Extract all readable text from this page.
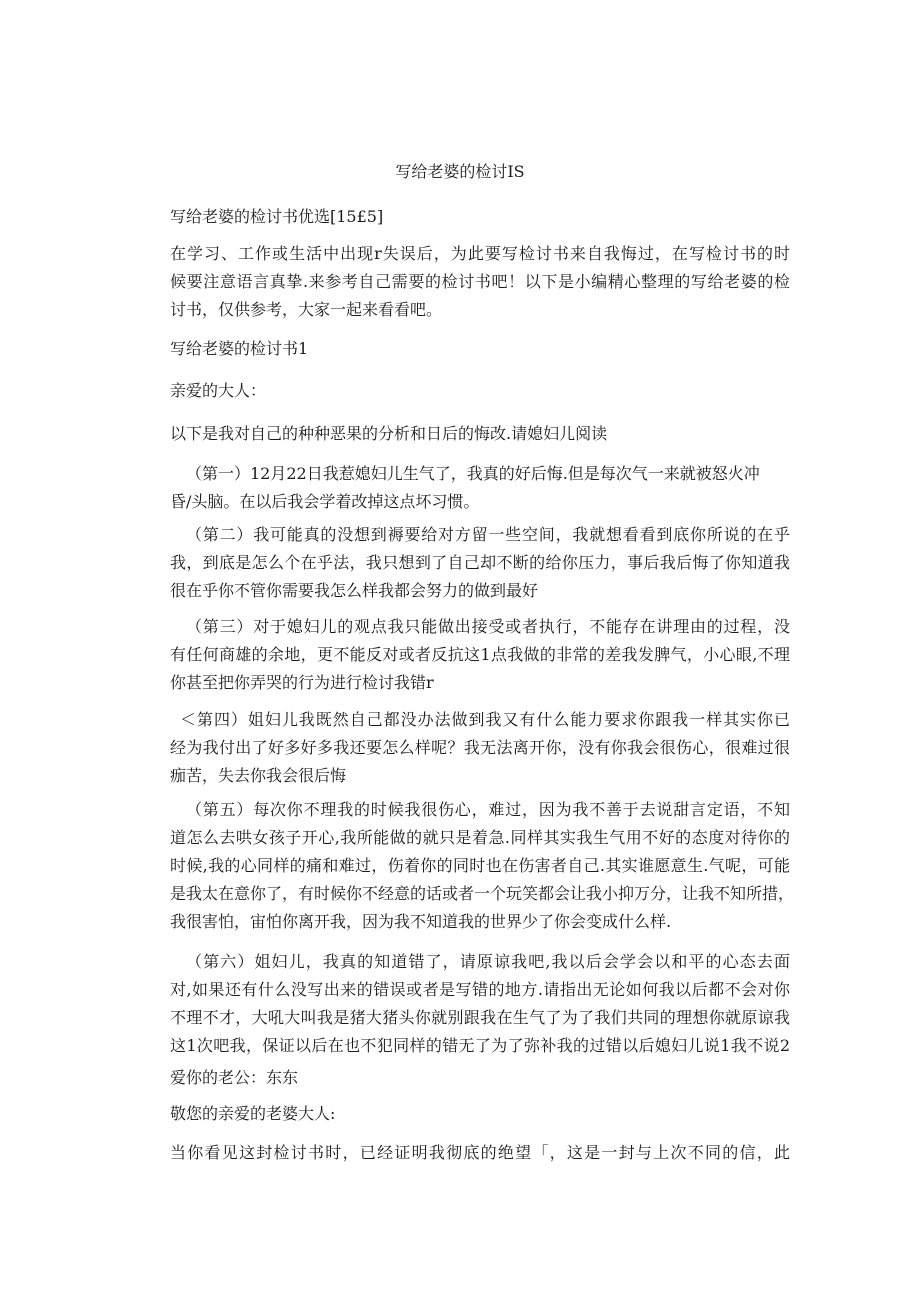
写给老婆的检讨IS
写给老婆的检讨书优选[15£5]
在学习、工作或生活中出现r失误后，为此要写检讨书来自我悔过，在写检讨书的时
候要注意语言真挚.来参考自己需要的检讨书吧！以下是小编精心整理的写给老婆的检
讨书，仅供参考，大家一起来看看吧。
写给老婆的检讨书1
亲爱的大人：
以下是我对自己的种种恶果的分析和日后的悔改.请媳妇儿阅读
（第一）12月22日我惹媳妇儿生气了，我真的好后悔.但是每次气一来就被怒火冲
昏/头脑。在以后我会学着改掉这点坏习惯。
（第二）我可能真的没想到褥要给对方留一些空间，我就想看看到底你所说的在乎
我，到底是怎么个在乎法，我只想到了自己却不断的给你压力，事后我后悔了你知道我
很在乎你不管你需要我怎么样我都会努力的做到最好
（第三）对于媳妇儿的观点我只能做出接受或者执行，不能存在讲理由的过程，没
有任何商雄的余地，更不能反对或者反抗这1点我做的非常的差我发脾气，小心眼,不理
你甚至把你弄哭的行为进行检讨我错r
＜第四）姐妇儿我既然自己都没办法做到我又有什么能力要求你跟我一样其实你已
经为我付出了好多好多我还要怎么样呢？我无法离开你，没有你我会很伤心，很难过很
痂苦，失去你我会很后悔
（第五）每次你不理我的时候我很伤心，难过，因为我不善于去说甜言定语，不知
道怎么去哄女孩子开心,我所能做的就只是着急.同样其实我生气用不好的态度对待你的
时候,我的心同样的痛和难过，伤着你的同时也在伤害者自己.其实谁愿意生.气呢，可能
是我太在意你了，有时候你不经意的话或者一个玩笑都会让我小抑万分，让我不知所措，
我很害怕，宙怕你离开我，因为我不知道我的世界少了你会变成什么样.
（第六）姐妇儿，我真的知道错了，请原谅我吧,我以后会学会以和平的心态去面
对,如果还有什么没写出来的错误或者是写错的地方.请指出无论如何我以后都不会对你
不理不才，大吼大叫我是猪大猪头你就别跟我在生气了为了我们共同的理想你就原谅我
这1次吧我，保证以后在也不犯同样的错无了为了弥补我的过错以后媳妇儿说1我不说2
爱你的老公：东东
敬您的亲爱的老婆大人:
当你看见这封检讨书时，已经证明我彻底的绝望「，这是一封与上次不同的信，此
